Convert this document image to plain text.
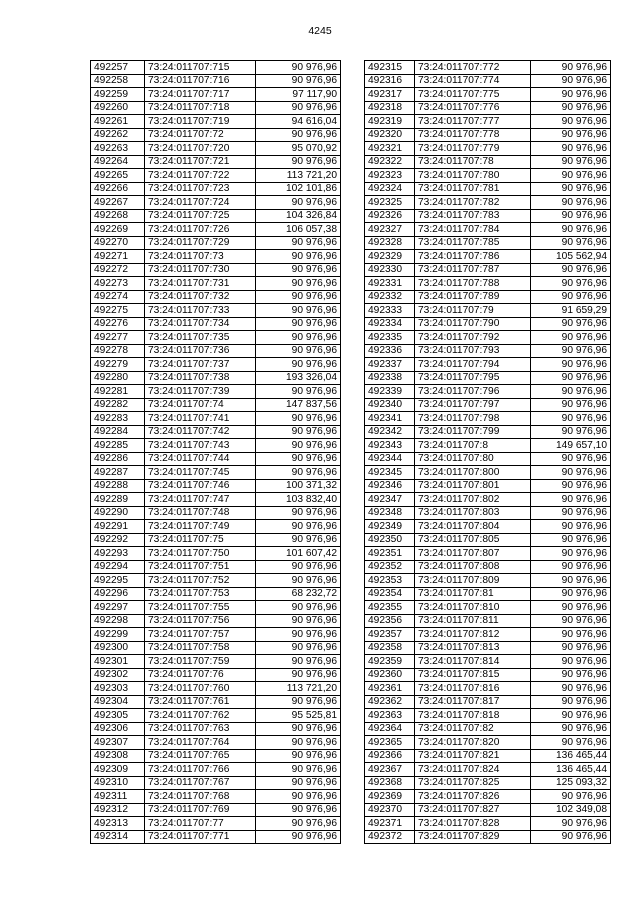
4245
492257	73:24:011707:715	90 976,96
492258	73:24:011707:716	90 976,96
492259	73:24:011707:717	97 117,90
492260	73:24:011707:718	90 976,96
492261	73:24:011707:719	94 616,04
492262	73:24:011707:72	90 976,96
492263	73:24:011707:720	95 070,92
492264	73:24:011707:721	90 976,96
492265	73:24:011707:722	113 721,20
492266	73:24:011707:723	102 101,86
492267	73:24:011707:724	90 976,96
492268	73:24:011707:725	104 326,84
492269	73:24:011707:726	106 057,38
492270	73:24:011707:729	90 976,96
492271	73:24:011707:73	90 976,96
492272	73:24:011707:730	90 976,96
492273	73:24:011707:731	90 976,96
492274	73:24:011707:732	90 976,96
492275	73:24:011707:733	90 976,96
492276	73:24:011707:734	90 976,96
492277	73:24:011707:735	90 976,96
492278	73:24:011707:736	90 976,96
492279	73:24:011707:737	90 976,96
492280	73:24:011707:738	193 326,04
492281	73:24:011707:739	90 976,96
492282	73:24:011707:74	147 837,56
492283	73:24:011707:741	90 976,96
492284	73:24:011707:742	90 976,96
492285	73:24:011707:743	90 976,96
492286	73:24:011707:744	90 976,96
492287	73:24:011707:745	90 976,96
492288	73:24:011707:746	100 371,32
492289	73:24:011707:747	103 832,40
492290	73:24:011707:748	90 976,96
492291	73:24:011707:749	90 976,96
492292	73:24:011707:75	90 976,96
492293	73:24:011707:750	101 607,42
492294	73:24:011707:751	90 976,96
492295	73:24:011707:752	90 976,96
492296	73:24:011707:753	68 232,72
492297	73:24:011707:755	90 976,96
492298	73:24:011707:756	90 976,96
492299	73:24:011707:757	90 976,96
492300	73:24:011707:758	90 976,96
492301	73:24:011707:759	90 976,96
492302	73:24:011707:76	90 976,96
492303	73:24:011707:760	113 721,20
492304	73:24:011707:761	90 976,96
492305	73:24:011707:762	95 525,81
492306	73:24:011707:763	90 976,96
492307	73:24:011707:764	90 976,96
492308	73:24:011707:765	90 976,96
492309	73:24:011707:766	90 976,96
492310	73:24:011707:767	90 976,96
492311	73:24:011707:768	90 976,96
492312	73:24:011707:769	90 976,96
492313	73:24:011707:77	90 976,96
492314	73:24:011707:771	90 976,96
492315	73:24:011707:772	90 976,96
492316	73:24:011707:774	90 976,96
492317	73:24:011707:775	90 976,96
492318	73:24:011707:776	90 976,96
492319	73:24:011707:777	90 976,96
492320	73:24:011707:778	90 976,96
492321	73:24:011707:779	90 976,96
492322	73:24:011707:78	90 976,96
492323	73:24:011707:780	90 976,96
492324	73:24:011707:781	90 976,96
492325	73:24:011707:782	90 976,96
492326	73:24:011707:783	90 976,96
492327	73:24:011707:784	90 976,96
492328	73:24:011707:785	90 976,96
492329	73:24:011707:786	105 562,94
492330	73:24:011707:787	90 976,96
492331	73:24:011707:788	90 976,96
492332	73:24:011707:789	90 976,96
492333	73:24:011707:79	91 659,29
492334	73:24:011707:790	90 976,96
492335	73:24:011707:792	90 976,96
492336	73:24:011707:793	90 976,96
492337	73:24:011707:794	90 976,96
492338	73:24:011707:795	90 976,96
492339	73:24:011707:796	90 976,96
492340	73:24:011707:797	90 976,96
492341	73:24:011707:798	90 976,96
492342	73:24:011707:799	90 976,96
492343	73:24:011707:8	149 657,10
492344	73:24:011707:80	90 976,96
492345	73:24:011707:800	90 976,96
492346	73:24:011707:801	90 976,96
492347	73:24:011707:802	90 976,96
492348	73:24:011707:803	90 976,96
492349	73:24:011707:804	90 976,96
492350	73:24:011707:805	90 976,96
492351	73:24:011707:807	90 976,96
492352	73:24:011707:808	90 976,96
492353	73:24:011707:809	90 976,96
492354	73:24:011707:81	90 976,96
492355	73:24:011707:810	90 976,96
492356	73:24:011707:811	90 976,96
492357	73:24:011707:812	90 976,96
492358	73:24:011707:813	90 976,96
492359	73:24:011707:814	90 976,96
492360	73:24:011707:815	90 976,96
492361	73:24:011707:816	90 976,96
492362	73:24:011707:817	90 976,96
492363	73:24:011707:818	90 976,96
492364	73:24:011707:82	90 976,96
492365	73:24:011707:820	90 976,96
492366	73:24:011707:821	136 465,44
492367	73:24:011707:824	136 465,44
492368	73:24:011707:825	125 093,32
492369	73:24:011707:826	90 976,96
492370	73:24:011707:827	102 349,08
492371	73:24:011707:828	90 976,96
492372	73:24:011707:829	90 976,96
